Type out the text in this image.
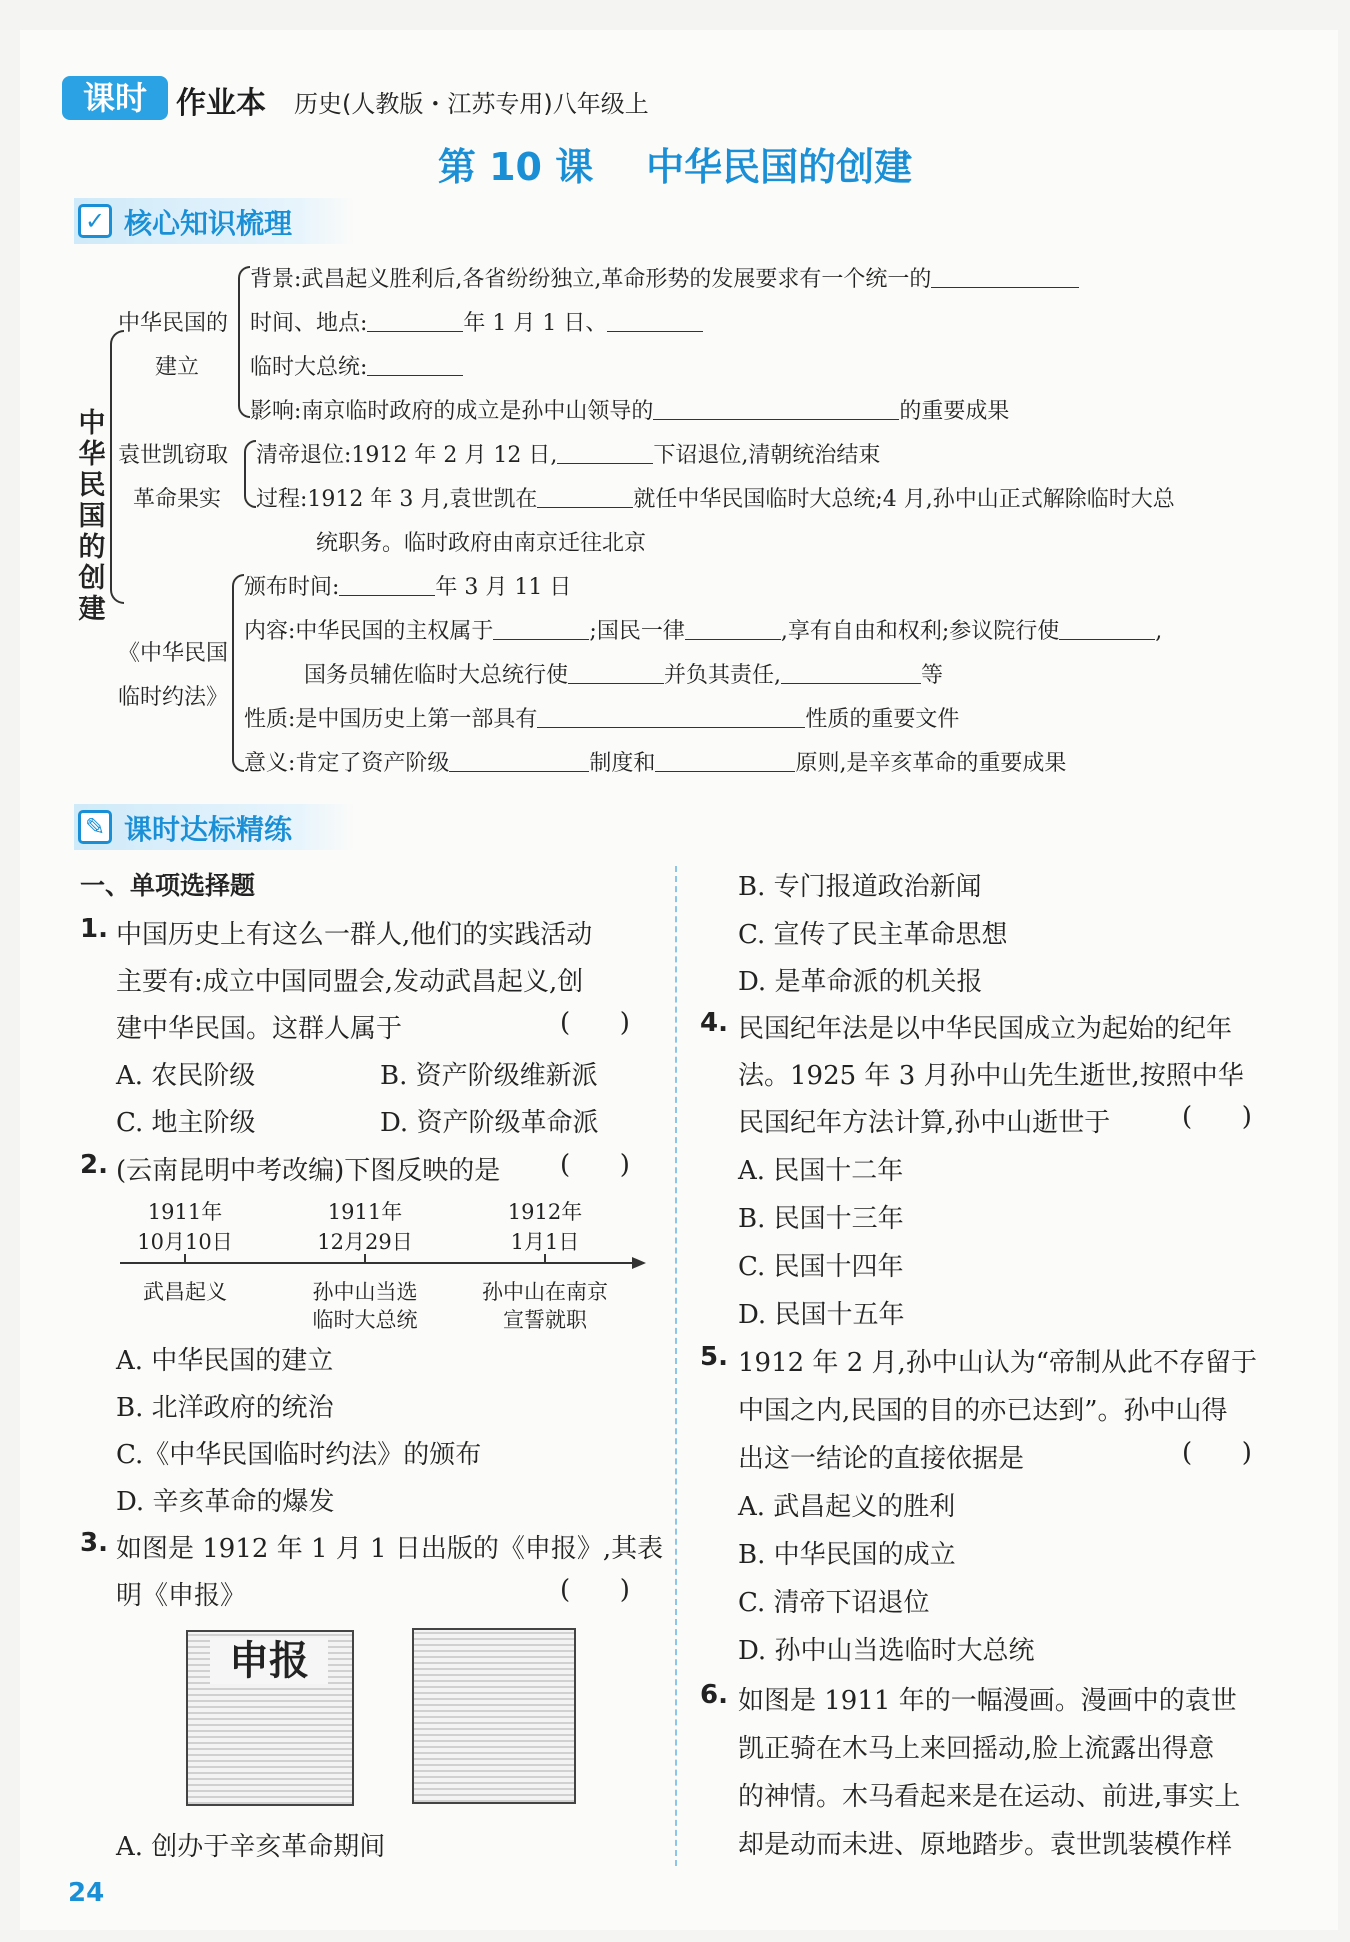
课时 作业本 历史(人教版・江苏专用)八年级上
第 10 课    中华民国的创建
✓ 核心知识梳理
中华民国的创建
中华民国的
建立
背景:武昌起义胜利后,各省纷纷独立,革命形势的发展要求有一个统一的
时间、地点:	年 1 月 1 日、
临时大总统:
影响:南京临时政府的成立是孙中山领导的	的重要成果
袁世凯窃取
革命果实
清帝退位:1912 年 2 月 12 日,	下诏退位,清朝统治结束
过程:1912 年 3 月,袁世凯在	就任中华民国临时大总统;4 月,孙中山正式解除临时大总
统职务。临时政府由南京迁往北京
《中华民国
临时约法》
颁布时间:	年 3 月 11 日
内容:中华民国的主权属于	;国民一律	,享有自由和权利;参议院行使	,
国务员辅佐临时大总统行使	并负其责任,	等
性质:是中国历史上第一部具有	性质的重要文件
意义:肯定了资产阶级	制度和	原则,是辛亥革命的重要成果
✎ 课时达标精练
一、单项选择题
1. 中国历史上有这么一群人,他们的实践活动
主要有:成立中国同盟会,发动武昌起义,创
建中华民国。这群人属于	(      )
A. 农民阶级	B. 资产阶级维新派
C. 地主阶级	D. 资产阶级革命派
2. (云南昆明中考改编)下图反映的是 (      )
1911年
10月10日
1911年
12月29日
1912年
1月1日
武昌起义	孙中山当选
临时大总统
孙中山在南京
宣誓就职
A. 中华民国的建立
B. 北洋政府的统治
C.《中华民国临时约法》的颁布
D. 辛亥革命的爆发
3. 如图是 1912 年 1 月 1 日出版的《申报》,其表
明《申报》	(      )
申报
A. 创办于辛亥革命期间
B. 专门报道政治新闻
C. 宣传了民主革命思想
D. 是革命派的机关报
4. 民国纪年法是以中华民国成立为起始的纪年
法。1925 年 3 月孙中山先生逝世,按照中华
民国纪年方法计算,孙中山逝世于	(      )
A. 民国十二年
B. 民国十三年
C. 民国十四年
D. 民国十五年
5. 1912 年 2 月,孙中山认为“帝制从此不存留于
中国之内,民国的目的亦已达到”。孙中山得
出这一结论的直接依据是	(      )
A. 武昌起义的胜利
B. 中华民国的成立
C. 清帝下诏退位
D. 孙中山当选临时大总统
6. 如图是 1911 年的一幅漫画。漫画中的袁世
凯正骑在木马上来回摇动,脸上流露出得意
的神情。木马看起来是在运动、前进,事实上
却是动而未进、原地踏步。袁世凯装模作样
24
